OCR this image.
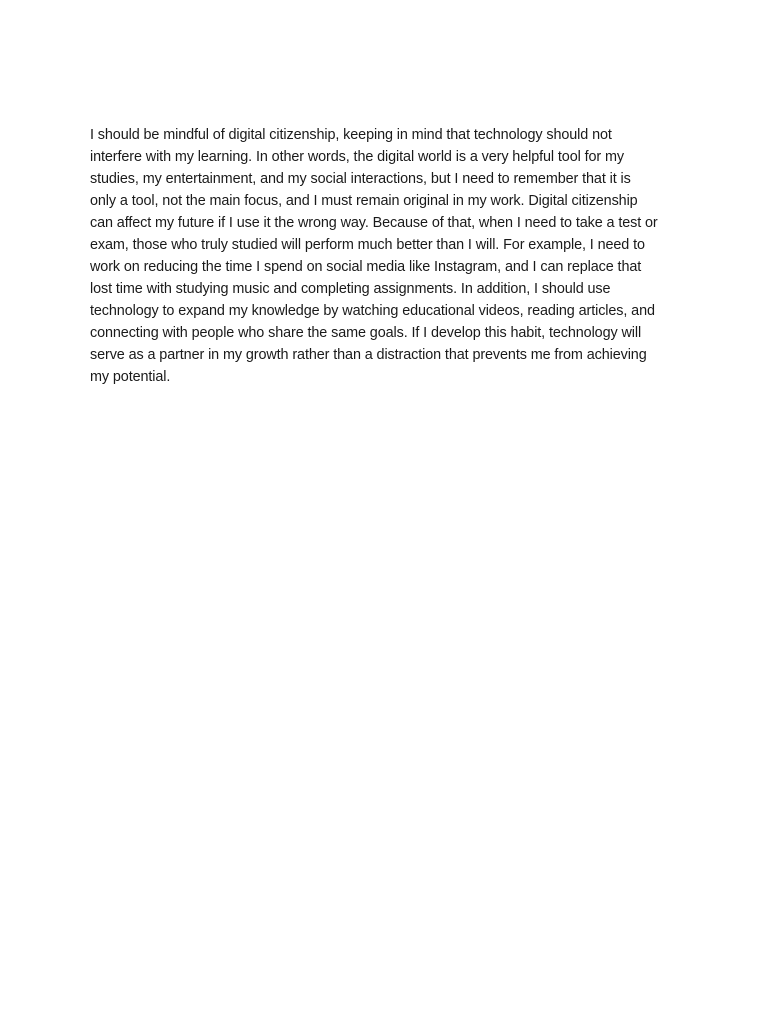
I should be mindful of digital citizenship, keeping in mind that technology should not
interfere with my learning. In other words, the digital world is a very helpful tool for my
studies, my entertainment, and my social interactions, but I need to remember that it is
only a tool, not the main focus, and I must remain original in my work. Digital citizenship
can affect my future if I use it the wrong way. Because of that, when I need to take a test or
exam, those who truly studied will perform much better than I will. For example, I need to
work on reducing the time I spend on social media like Instagram, and I can replace that
lost time with studying music and completing assignments. In addition, I should use
technology to expand my knowledge by watching educational videos, reading articles, and
connecting with people who share the same goals. If I develop this habit, technology will
serve as a partner in my growth rather than a distraction that prevents me from achieving
my potential.
